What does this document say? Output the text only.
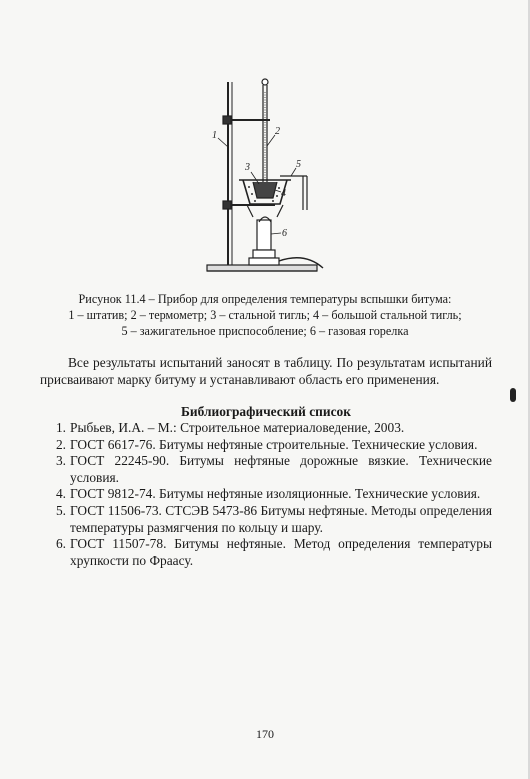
1	2
3
4
5
6
Рисунок 11.4 – Прибор для определения температуры вспышки битума:
1 – штатив; 2 – термометр; 3 – стальной тигль; 4 – большой стальной тигль;
5 – зажигательное приспособление; 6 – газовая горелка
Все результаты испытаний заносят в таблицу. По результатам испытаний присваивают марку битуму и устанавливают область его применения.
Библиографический список
1. Рыбьев, И.А. – М.: Строительное материаловедение, 2003.
2. ГОСТ 6617-76. Битумы нефтяные строительные. Технические условия.
3. ГОСТ 22245-90. Битумы нефтяные дорожные вязкие. Технические условия.
4. ГОСТ 9812-74. Битумы нефтяные изоляционные. Технические условия.
5. ГОСТ 11506-73. СТСЭВ 5473-86 Битумы нефтяные. Методы определения температуры размягчения по кольцу и шару.
6. ГОСТ 11507-78. Битумы нефтяные. Метод определения температуры хрупкости по Фраасу.
170
